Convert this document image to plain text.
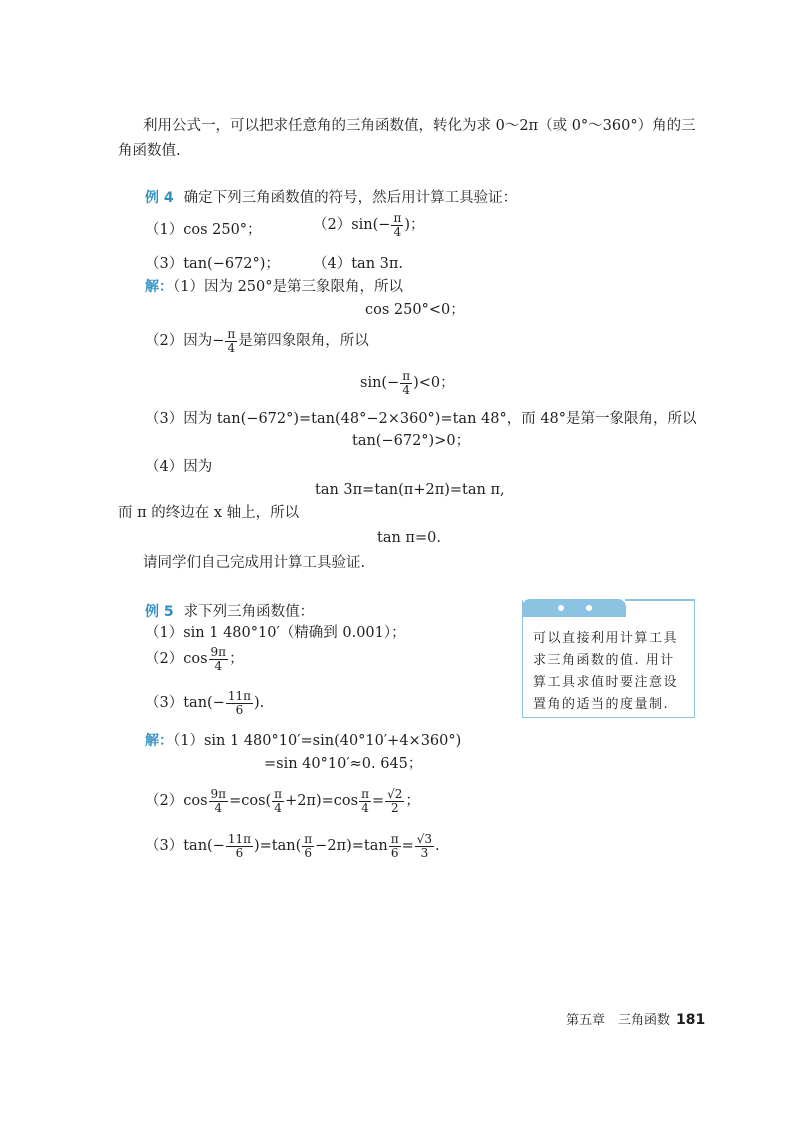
利用公式一，可以把求任意角的三角函数值，转化为求 0～2π（或 0°～360°）角的三
角函数值.
例 4 确定下列三角函数值的符号，然后用计算工具验证：
（1）cos 250°；	$(2)\sin(- \frac{\pi}{4}$ )；
（3）tan(−672°)； （4）tan 3π.
解：（1）因为 250°是第三象限角，所以
cos 250°<0；
（2）因为− $\frac{\pi}{4}$ 是第四象限角，所以
$\sin(- \frac{\pi}{4} )<0$；
（3）因为 tan(−672°)=tan(48°−2×360°)=tan 48°，而 48°是第一象限角，所以
tan(−672°)>0；
（4）因为
tan 3π=tan(π+2π)=tan π,
而 π 的终边在 x 轴上，所以
tan π=0.
请同学们自己完成用计算工具验证.
例 5 求下列三角函数值：
（1）sin 1 480°10′（精确到 0.001）；
$(2)\cos \frac{9\pi}{4}$ ；
$(3)\tan(- \frac{11\pi}{6}$ ).
解：（1）sin 1 480°10′=sin(40°10′+4×360°)
=sin 40°10′≈0. 645；
$(2)\cos \frac{9\pi}{4} =\cos( \frac{\pi}{4} +2\pi)=\cos \frac{\pi}{4} = \frac{√2}{2}$ ；
$(3)\tan(- \frac{11\pi}{6} )=\tan( \frac{\pi}{6} -2\pi)=\tan \frac{\pi}{6} = \frac{√3}{3}$ .
可以直接利用计算工具求三角函数的值. 用计算工具求值时要注意设置角的适当的度量制.
第五章　三角函数 181
